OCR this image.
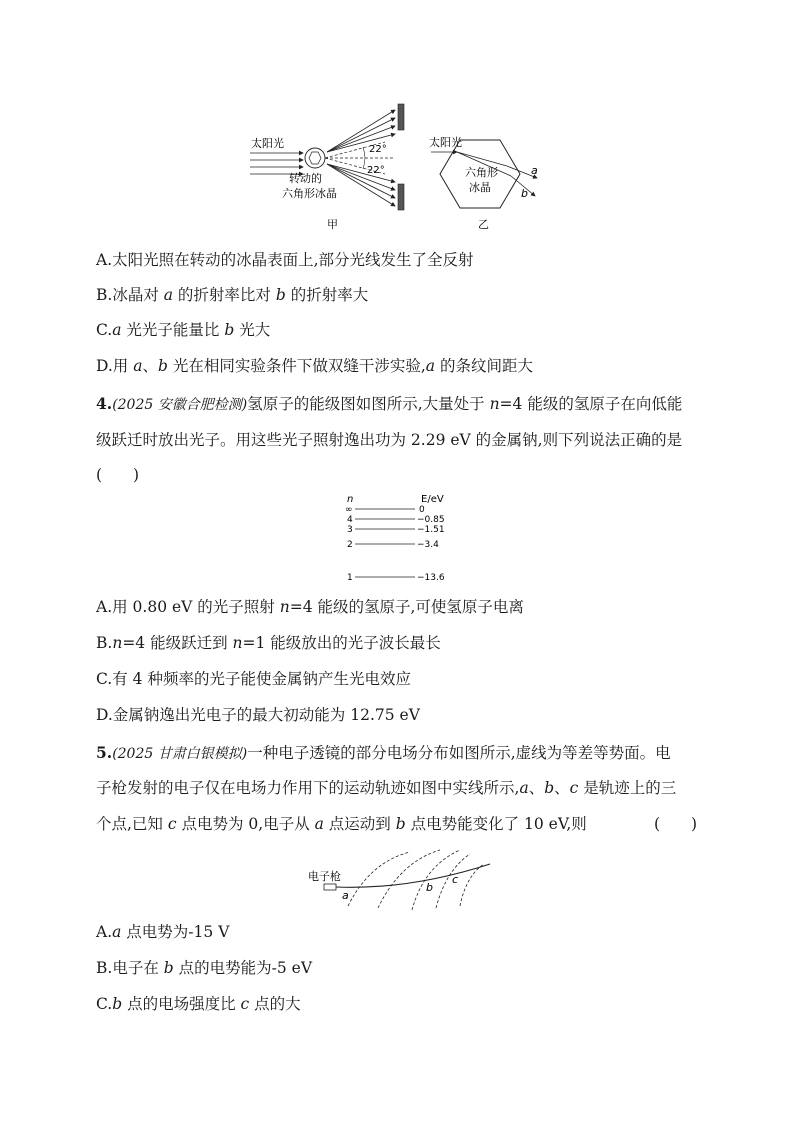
太阳光
转动的
六角形冰晶
22°
22°
甲
太阳光
六角形
冰晶
a
b
乙
A.太阳光照在转动的冰晶表面上,部分光线发生了全反射
B.冰晶对 a 的折射率比对 b 的折射率大
C.a 光光子能量比 b 光大
D.用 a、b 光在相同实验条件下做双缝干涉实验,a 的条纹间距大
4.(2025 安徽合肥检测)氢原子的能级图如图所示,大量处于 n=4 能级的氢原子在向低能
级跃迁时放出光子。用这些光子照射逸出功为 2.29 eV 的金属钠,则下列说法正确的是
(　　)
n	E/eV
∞	0
4	−0.85
3	−1.51
2	−3.4
1	−13.6
A.用 0.80 eV 的光子照射 n=4 能级的氢原子,可使氢原子电离
B.n=4 能级跃迁到 n=1 能级放出的光子波长最长
C.有 4 种频率的光子能使金属钠产生光电效应
D.金属钠逸出光电子的最大初动能为 12.75 eV
5.(2025 甘肃白银模拟)一种电子透镜的部分电场分布如图所示,虚线为等差等势面。电
子枪发射的电子仅在电场力作用下的运动轨迹如图中实线所示,a、b、c 是轨迹上的三
个点,已知 c 点电势为 0,电子从 a 点运动到 b 点电势能变化了 10 eV,则	(　　)
电子枪
a
b
c
A.a 点电势为-15 V
B.电子在 b 点的电势能为-5 eV
C.b 点的电场强度比 c 点的大
